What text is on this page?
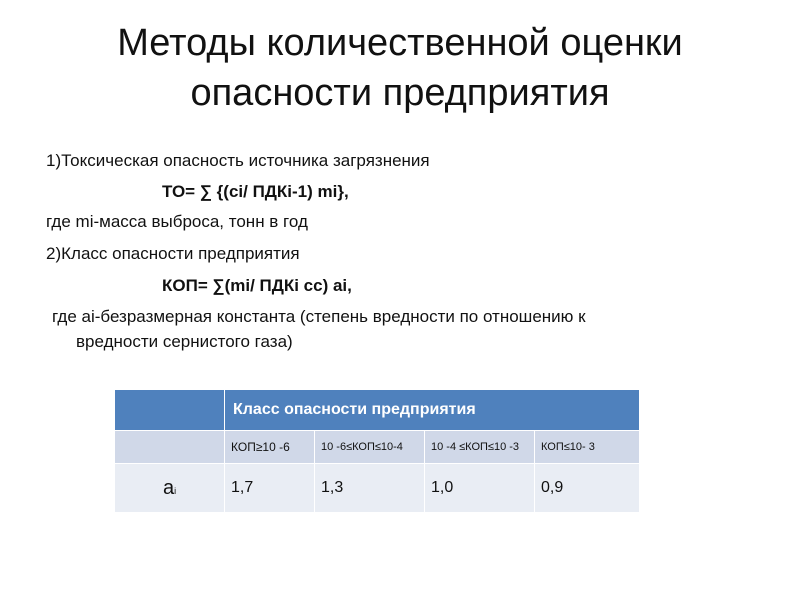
Методы количественной оценки
опасности предприятия
1)Токсическая опасность источника загрязнения
ТО= ∑ {(ci/ ПДКi-1) mi},
где mi-масса выброса, тонн в год
2)Класс опасности предприятия
КОП= ∑(mi/ ПДКi cc) ai,
где ai-безразмерная константа (степень вредности по отношению к
вредности сернистого газа)
	Класс опасности предприятия			
	КОП≥10 -6	10 -6≤КОП≤10-4	10 -4 ≤КОП≤10 -3	КОП≤10- 3
ai	1,7	1,3	1,0	0,9
